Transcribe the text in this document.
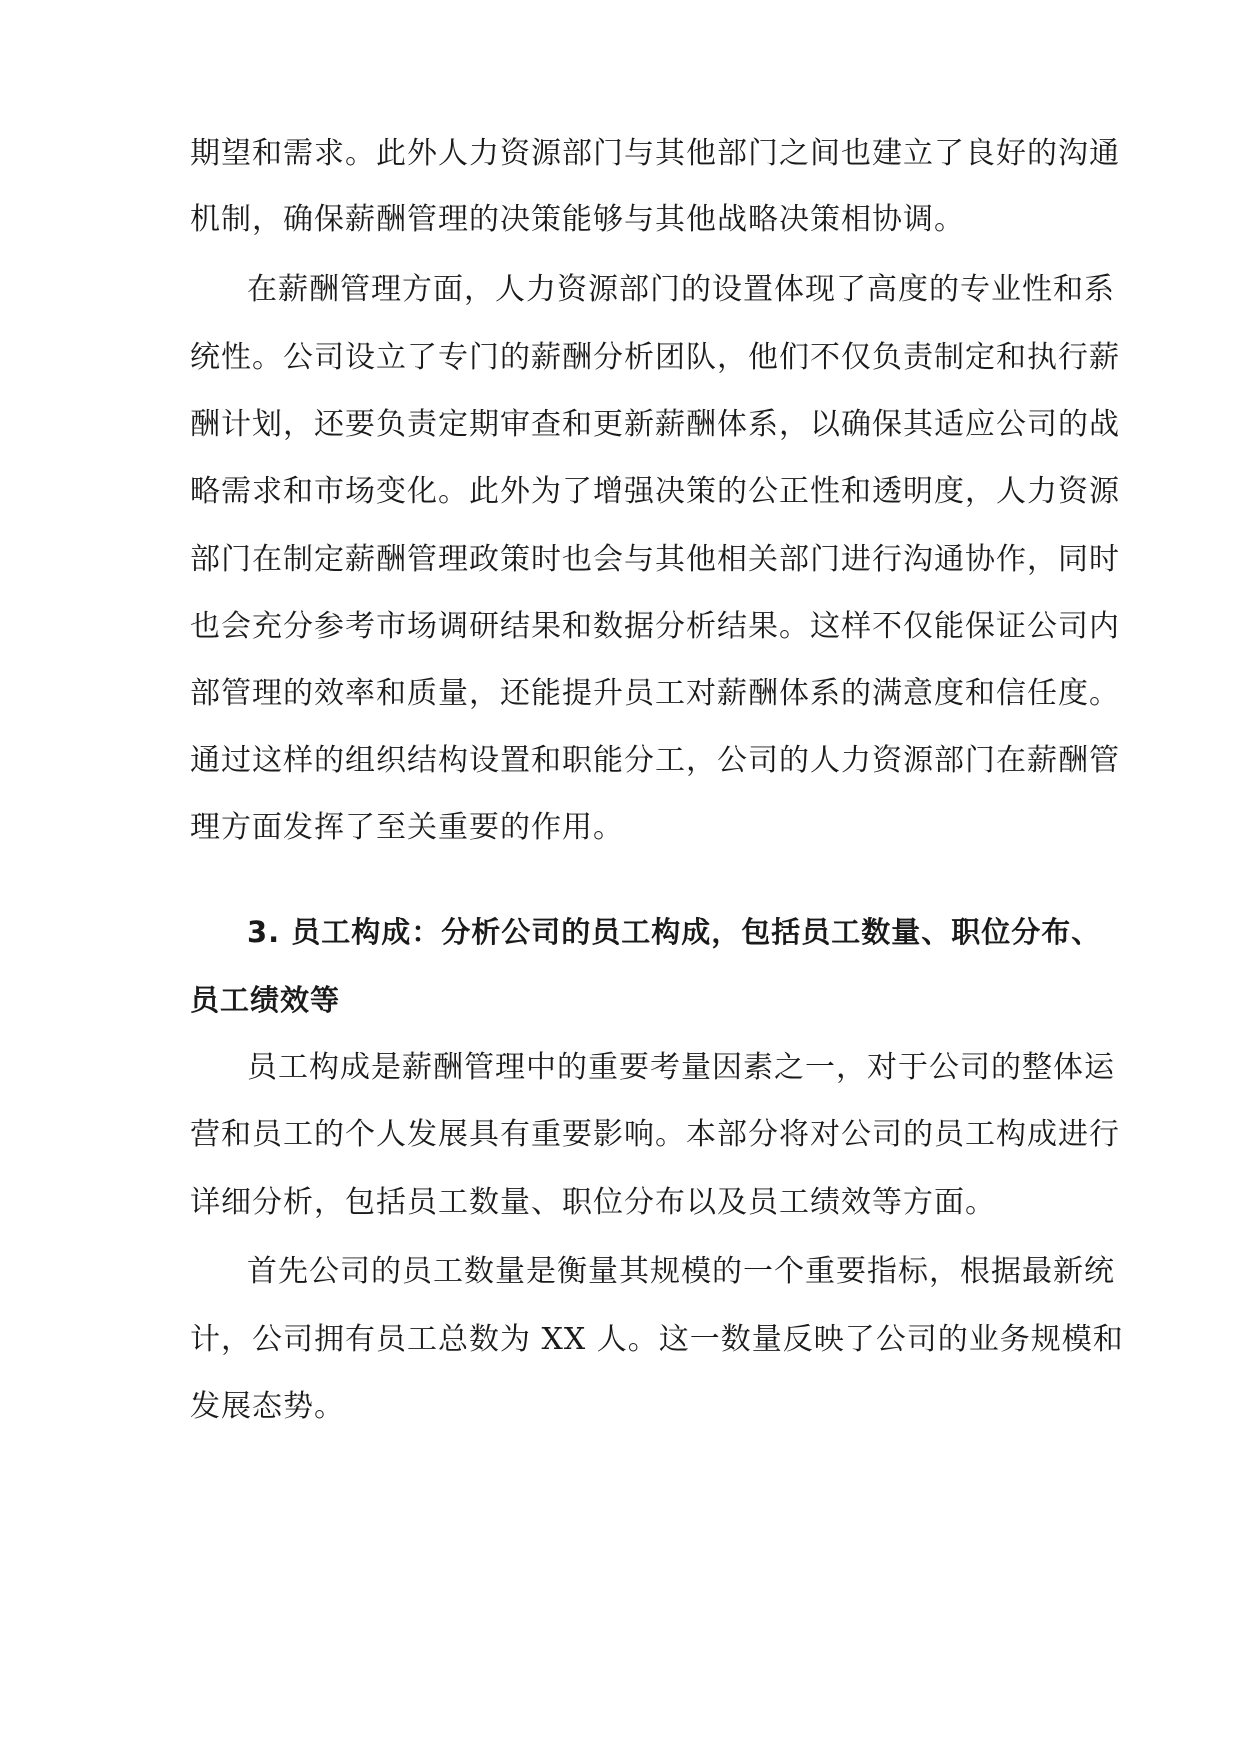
期望和需求。此外人力资源部门与其他部门之间也建立了良好的沟通
机制，确保薪酬管理的决策能够与其他战略决策相协调。
在薪酬管理方面，人力资源部门的设置体现了高度的专业性和系
统性。公司设立了专门的薪酬分析团队，他们不仅负责制定和执行薪
酬计划，还要负责定期审查和更新薪酬体系，以确保其适应公司的战
略需求和市场变化。此外为了增强决策的公正性和透明度，人力资源
部门在制定薪酬管理政策时也会与其他相关部门进行沟通协作，同时
也会充分参考市场调研结果和数据分析结果。这样不仅能保证公司内
部管理的效率和质量，还能提升员工对薪酬体系的满意度和信任度。
通过这样的组织结构设置和职能分工，公司的人力资源部门在薪酬管
理方面发挥了至关重要的作用。
3. 员工构成：分析公司的员工构成，包括员工数量、职位分布、
员工绩效等
员工构成是薪酬管理中的重要考量因素之一，对于公司的整体运
营和员工的个人发展具有重要影响。本部分将对公司的员工构成进行
详细分析，包括员工数量、职位分布以及员工绩效等方面。
首先公司的员工数量是衡量其规模的一个重要指标，根据最新统
计，公司拥有员工总数为 XX 人。这一数量反映了公司的业务规模和
发展态势。
